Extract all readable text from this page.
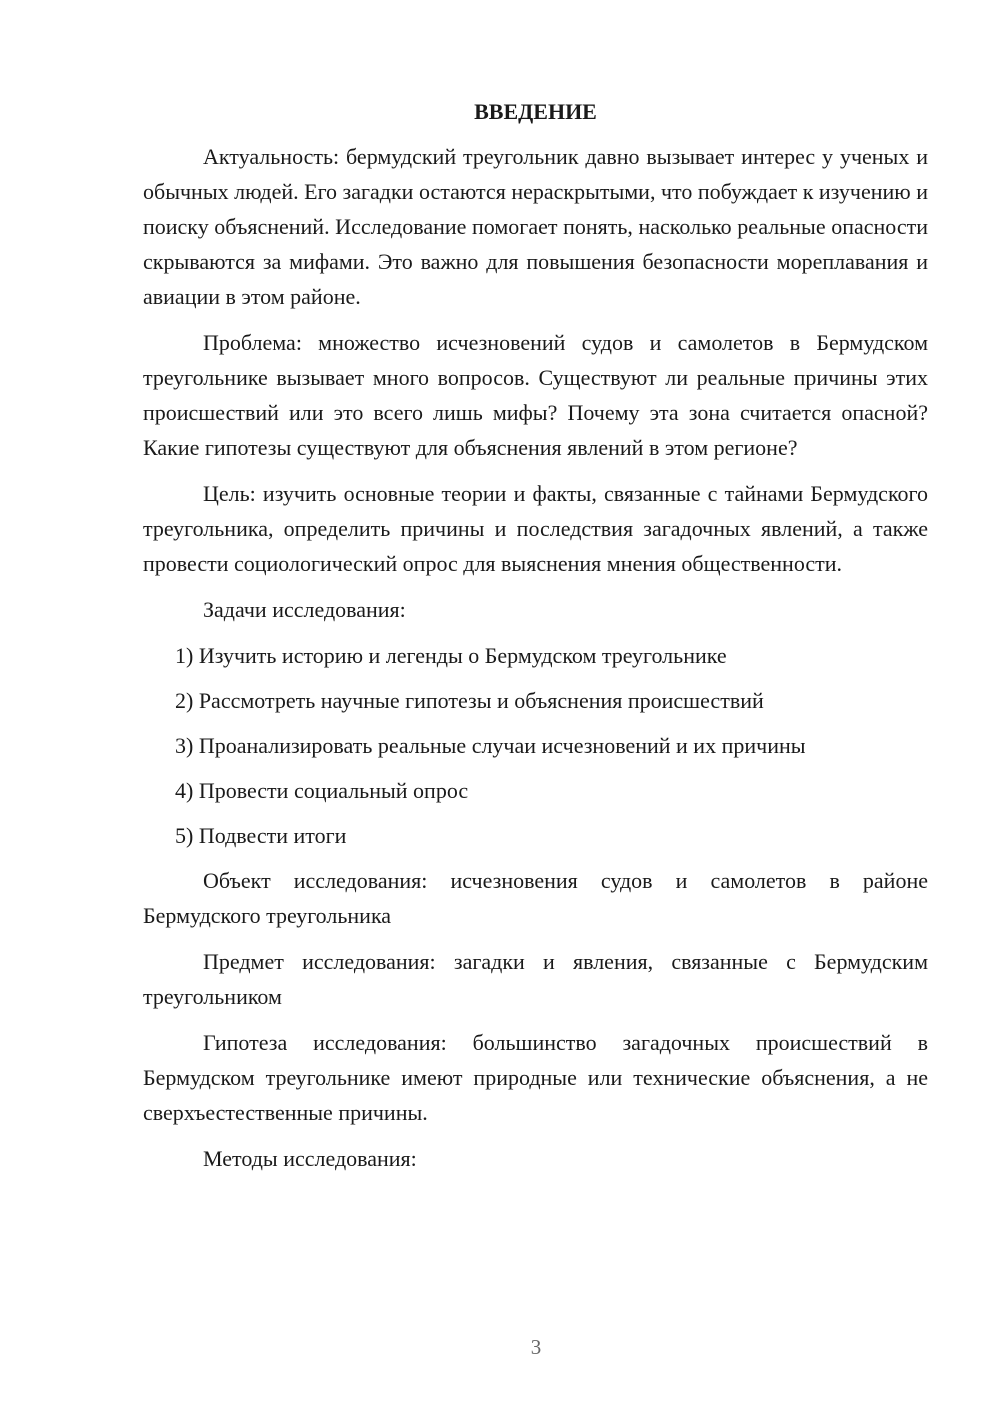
ВВЕДЕНИЕ

Актуальность: бермудский треугольник давно вызывает интерес у ученых и обычных людей. Его загадки остаются нераскрытыми, что побуждает к изучению и поиску объяснений. Исследование помогает понять, насколько реальные опасности скрываются за мифами. Это важно для повышения безопасности мореплавания и авиации в этом районе.

Проблема: множество исчезновений судов и самолетов в Бермудском треугольнике вызывает много вопросов. Существуют ли реальные причины этих происшествий или это всего лишь мифы? Почему эта зона считается опасной? Какие гипотезы существуют для объяснения явлений в этом регионе?

Цель: изучить основные теории и факты, связанные с тайнами Бермудского треугольника, определить причины и последствия загадочных явлений, а также провести социологический опрос для выяснения мнения общественности.

Задачи исследования:

1) Изучить историю и легенды о Бермудском треугольнике
2) Рассмотреть научные гипотезы и объяснения происшествий
3) Проанализировать реальные случаи исчезновений и их причины
4) Провести социальный опрос
5) Подвести итоги

Объект исследования: исчезновения судов и самолетов в районе Бермудского треугольника

Предмет исследования: загадки и явления, связанные с Бермудским треугольником

Гипотеза исследования: большинство загадочных происшествий в Бермудском треугольнике имеют природные или технические объяснения, а не сверхъестественные причины.

Методы исследования:

3
